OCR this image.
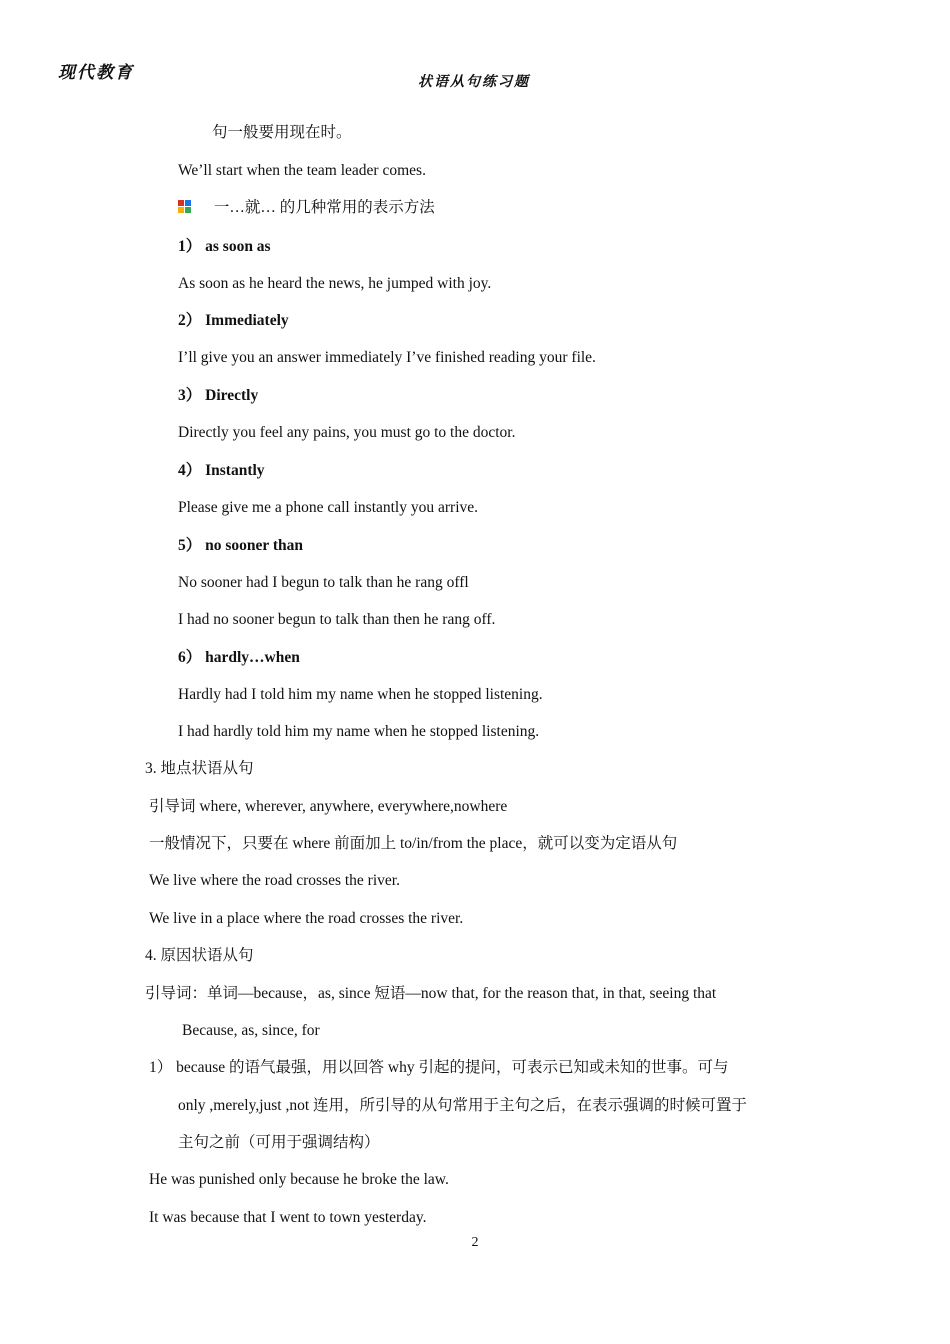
现代教育
状语从句练习题
句一般要用现在时。
We’ll start when the team leader comes.
一…就… 的几种常用的表示方法
1） as soon as
As soon as he heard the news, he jumped with joy.
2） Immediately
I’ll give you an answer immediately I’ve finished reading your file.
3） Directly
Directly you feel any pains, you must go to the doctor.
4） Instantly
Please give me a phone call instantly you arrive.
5） no sooner than
No sooner had I begun to talk than he rang offl
I had no sooner begun to talk than then he rang off.
6） hardly…when
Hardly had I told him my name when he stopped listening.
I had hardly told him my name when he stopped listening.
3. 地点状语从句
引导词 where, wherever, anywhere, everywhere,nowhere
一般情况下，只要在 where 前面加上 to/in/from the place，就可以变为定语从句
We live where the road crosses the river.
We live in a place where the road crosses the river.
4. 原因状语从句
引导词：单词—because，as, since 短语—now that, for the reason that, in that, seeing that
Because, as, since, for
1） because 的语气最强，用以回答 why 引起的提问，可表示已知或未知的世事。可与
only ,merely,just ,not 连用，所引导的从句常用于主句之后，在表示强调的时候可置于
主句之前（可用于强调结构）
He was punished only because he broke the law.
It was because that I went to town yesterday.
2
